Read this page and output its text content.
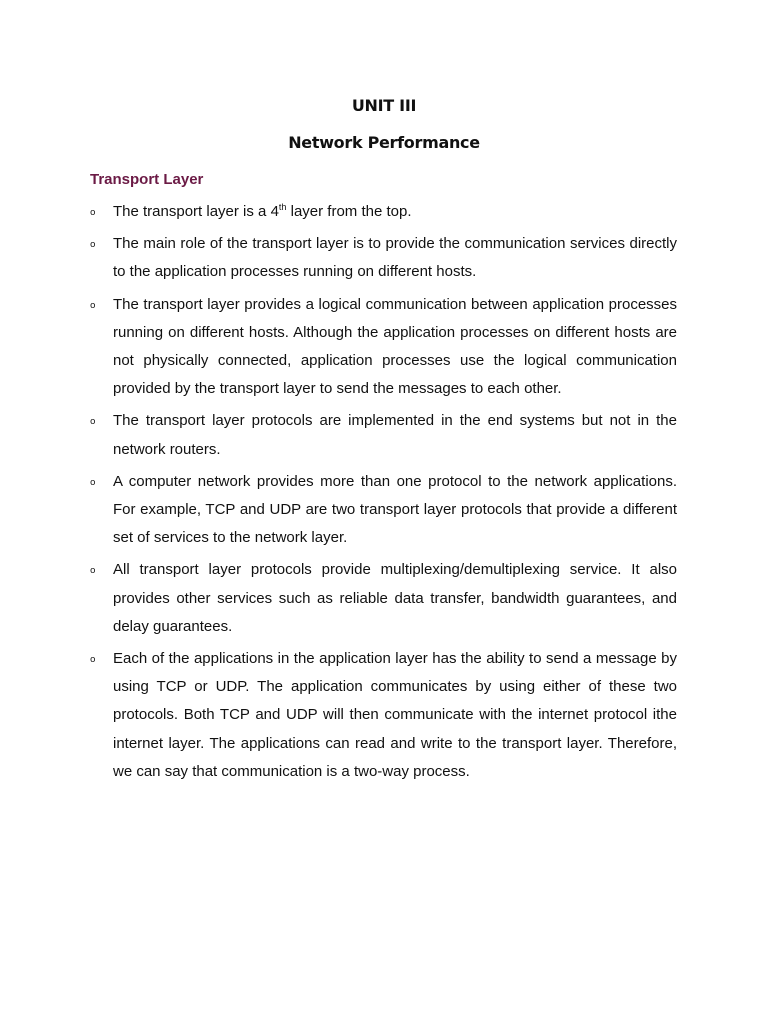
UNIT III
Network Performance
Transport Layer
o The transport layer is a 4th layer from the top.
o The main role of the transport layer is to provide the communication services directly to the application processes running on different hosts.
o The transport layer provides a logical communication between application processes running on different hosts. Although the application processes on different hosts are not physically connected, application processes use the logical communication provided by the transport layer to send the messages to each other.
o The transport layer protocols are implemented in the end systems but not in the network routers.
o A computer network provides more than one protocol to the network applications. For example, TCP and UDP are two transport layer protocols that provide a different set of services to the network layer.
o All transport layer protocols provide multiplexing/demultiplexing service. It also provides other services such as reliable data transfer, bandwidth guarantees, and delay guarantees.
o Each of the applications in the application layer has the ability to send a message by using TCP or UDP. The application communicates by using either of these two protocols. Both TCP and UDP will then communicate with the internet protocol ithe internet layer. The applications can read and write to the transport layer. Therefore, we can say that communication is a two-way process.
